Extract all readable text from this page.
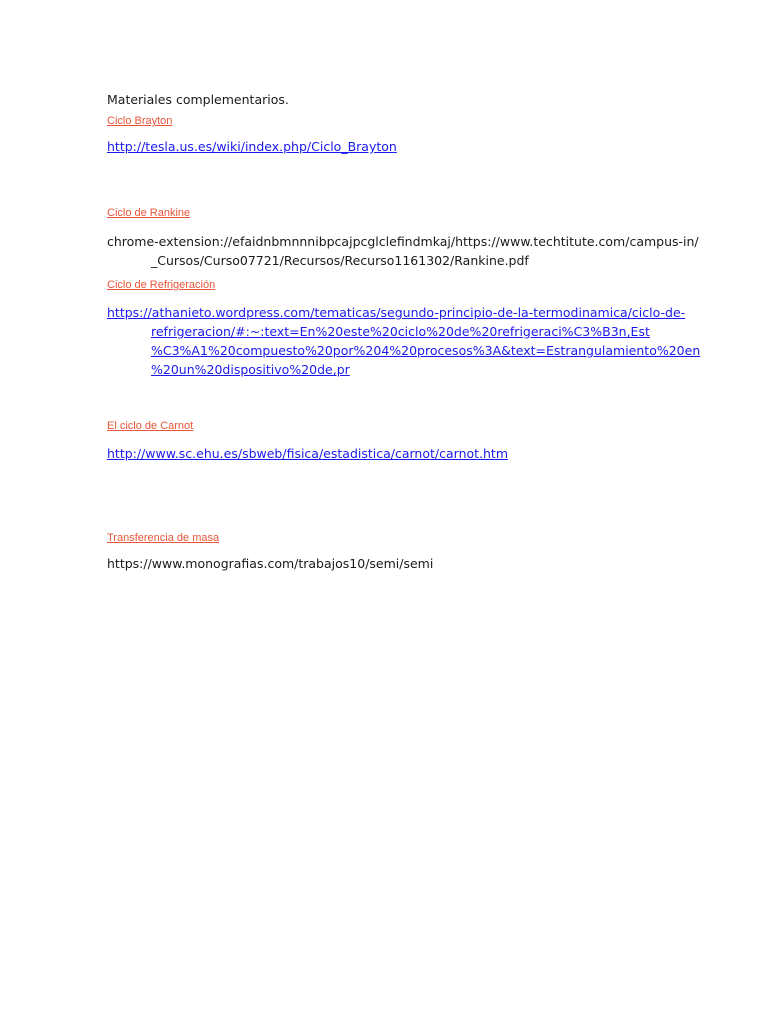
Materiales complementarios.

Ciclo Brayton

http://tesla.us.es/wiki/index.php/Ciclo_Brayton

Ciclo de Rankine

chrome-extension://efaidnbmnnnibpcajpcglclefindmkaj/https://www.techtitute.com/campus-in/
_Cursos/Curso07721/Recursos/Recurso1161302/Rankine.pdf

Ciclo de Refrigeración

https://athanieto.wordpress.com/tematicas/segundo-principio-de-la-termodinamica/ciclo-de-
refrigeracion/#:~:text=En%20este%20ciclo%20de%20refrigeraci%C3%B3n,Est
%C3%A1%20compuesto%20por%204%20procesos%3A&text=Estrangulamiento%20en
%20un%20dispositivo%20de,pr

El ciclo de Carnot

http://www.sc.ehu.es/sbweb/fisica/estadistica/carnot/carnot.htm

Transferencia de masa

https://www.monografias.com/trabajos10/semi/semi
